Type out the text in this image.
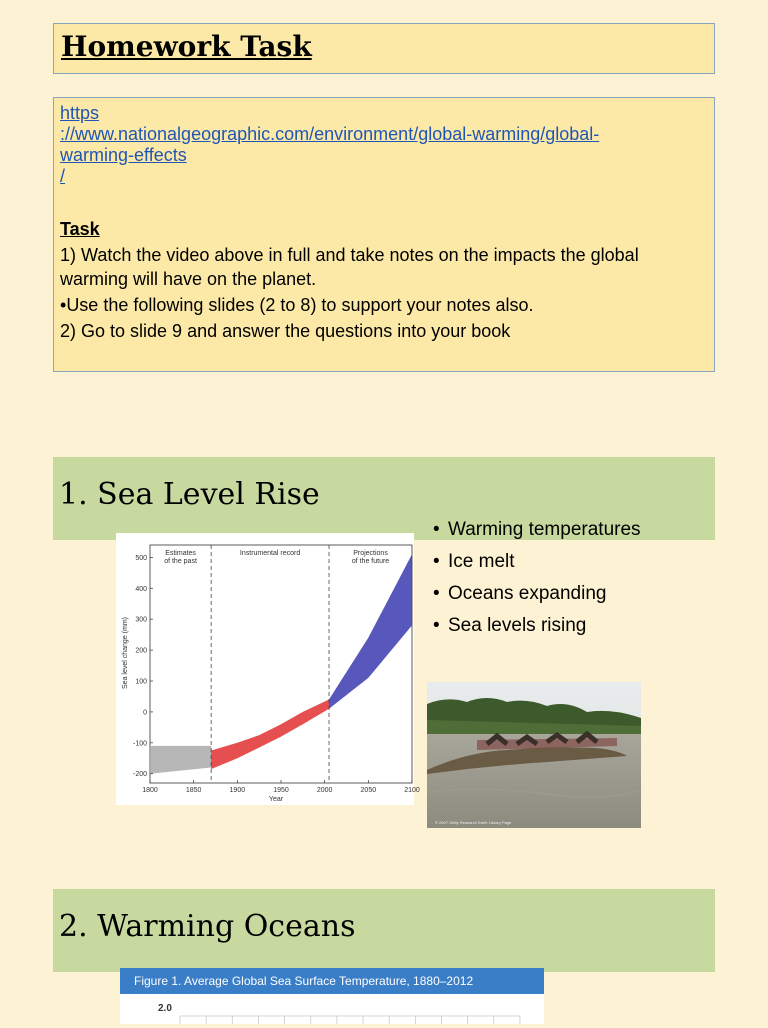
Homework Task
https
://www.nationalgeographic.com/environment/global-warming/global-
warming-effects
/
Task
1) Watch the video above in full and take notes on the impacts the global warming will have on the planet.
• Use the following slides (2 to 8) to support your notes also.
2) Go to slide 9 and answer the questions into your book
1. Sea Level Rise
500
400
300
200
100
0
-100
-200
1800	1850	1900	1950	2000	2050	2100
Estimates of the past
Instrumental record	Projections of the future
Sea level change (mm)
Year
• Warming temperatures
• Ice melt
• Oceans expanding
• Sea levels rising
© 2007 Getty Research Earth Library Page
2. Warming Oceans
Figure 1. Average Global Sea Surface Temperature, 1880–2012
2.0
